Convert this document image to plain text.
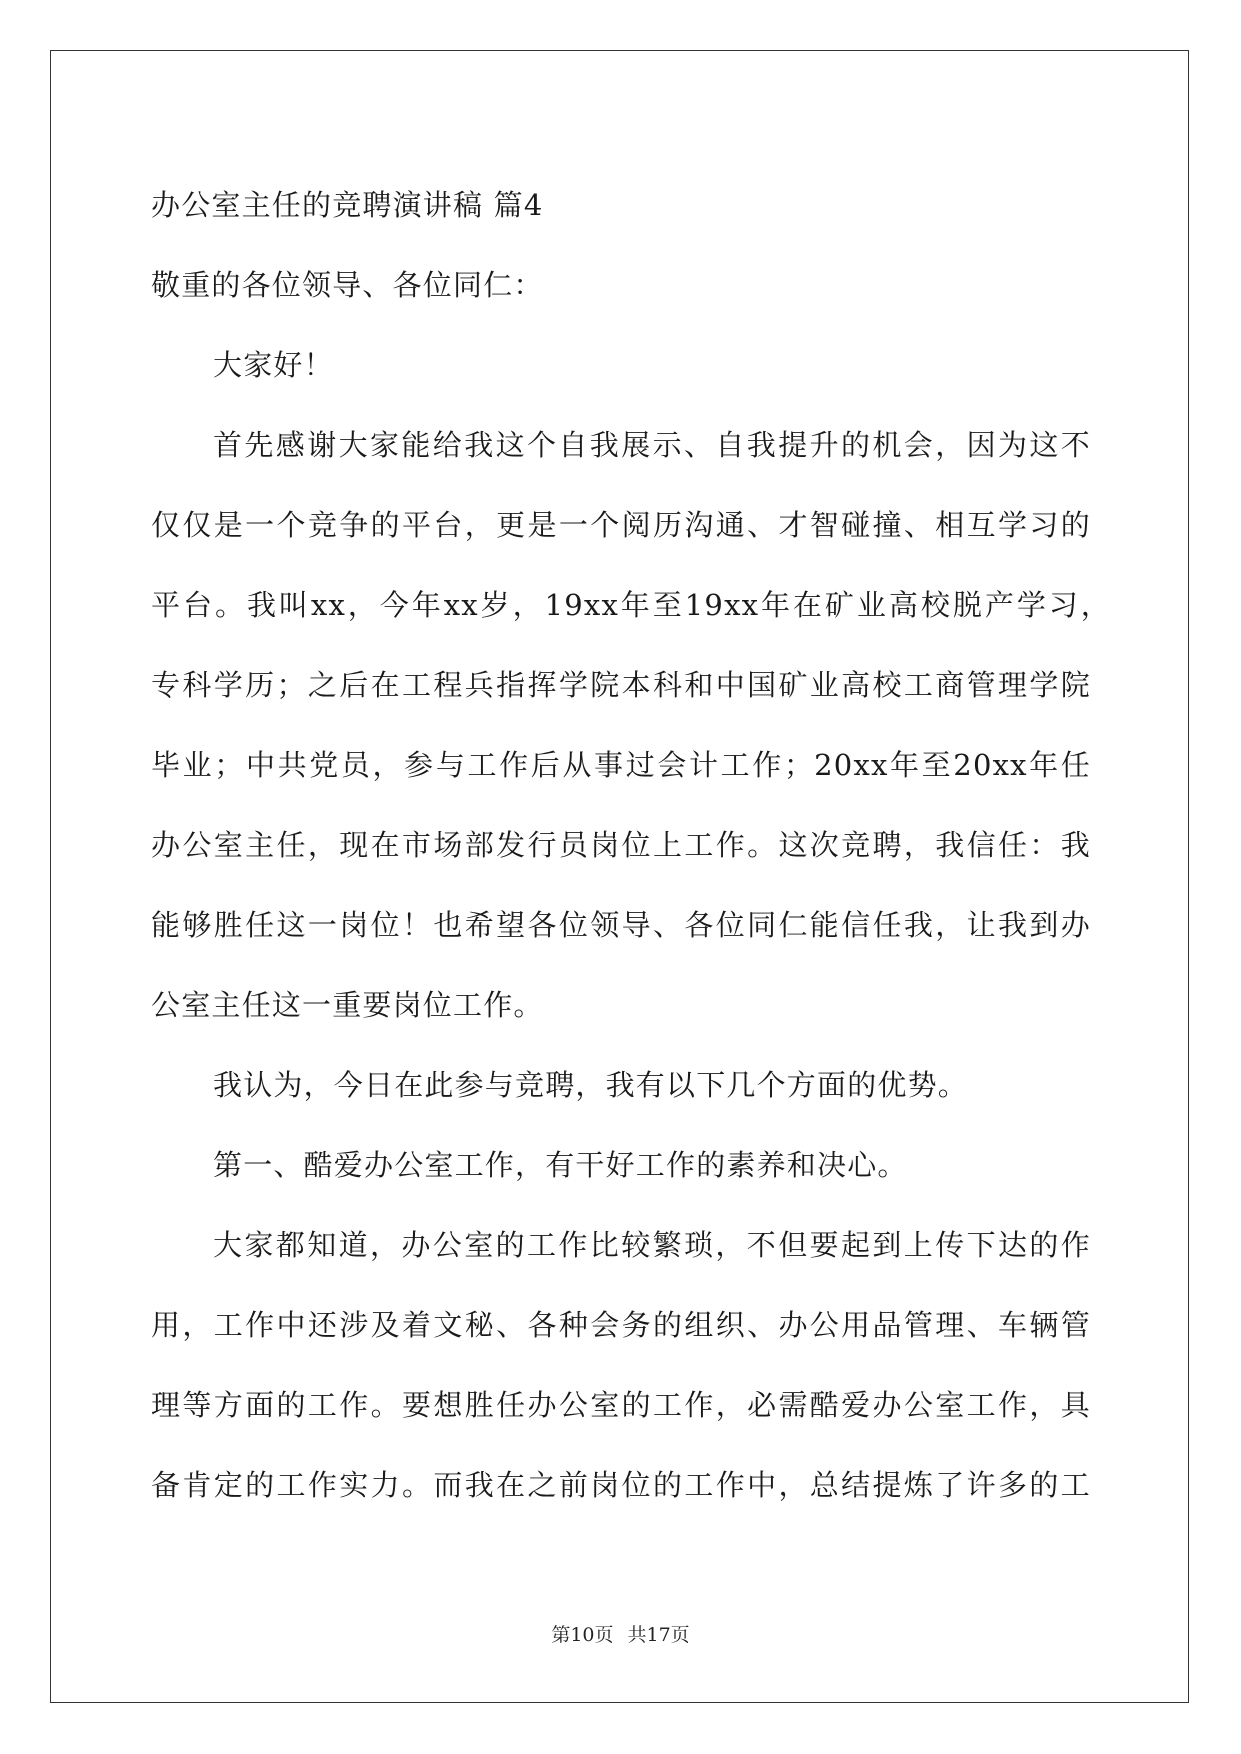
办公室主任的竞聘演讲稿 篇4
敬重的各位领导、各位同仁：
大家好！
首先感谢大家能给我这个自我展示、自我提升的机会，因为这不
仅仅是一个竞争的平台，更是一个阅历沟通、才智碰撞、相互学习的
平台。我叫xx，今年xx岁，19xx年至19xx年在矿业高校脱产学习，
专科学历；之后在工程兵指挥学院本科和中国矿业高校工商管理学院
毕业；中共党员，参与工作后从事过会计工作；20xx年至20xx年任
办公室主任，现在市场部发行员岗位上工作。这次竞聘，我信任：我
能够胜任这一岗位！也希望各位领导、各位同仁能信任我，让我到办
公室主任这一重要岗位工作。
我认为，今日在此参与竞聘，我有以下几个方面的优势。
第一、酷爱办公室工作，有干好工作的素养和决心。
大家都知道，办公室的工作比较繁琐，不但要起到上传下达的作
用，工作中还涉及着文秘、各种会务的组织、办公用品管理、车辆管
理等方面的工作。要想胜任办公室的工作，必需酷爱办公室工作，具
备肯定的工作实力。而我在之前岗位的工作中，总结提炼了许多的工
第10页 共17页
